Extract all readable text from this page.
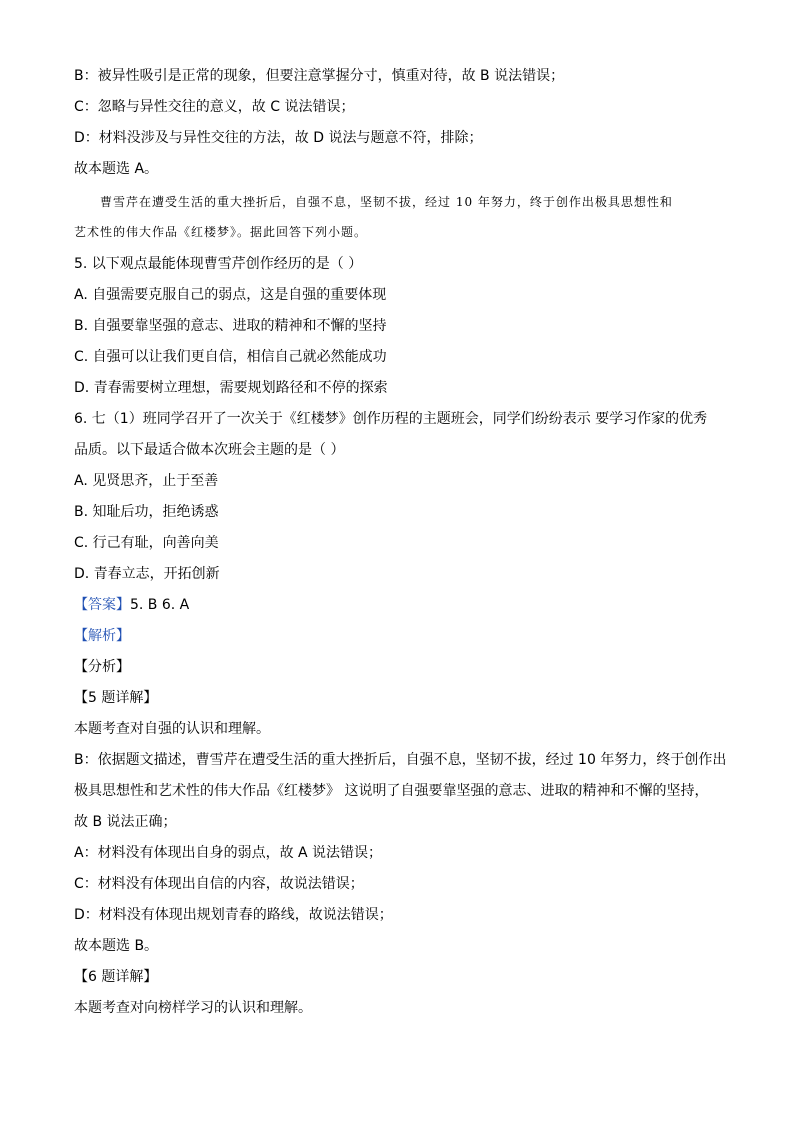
B：被异性吸引是正常的现象，但要注意掌握分寸，慎重对待，故 B 说法错误；
C：忽略与异性交往的意义，故 C 说法错误；
D：材料没涉及与异性交往的方法，故 D 说法与题意不符，排除；
故本题选 A。
曹雪芹在遭受生活的重大挫折后，自强不息，坚韧不拔，经过 10 年努力，终于创作出极具思想性和
艺术性的伟大作品《红楼梦》。据此回答下列小题。
5. 以下观点最能体现曹雪芹创作经历的是（ ）
A. 自强需要克服自己的弱点，这是自强的重要体现
B. 自强要靠坚强的意志、进取的精神和不懈的坚持
C. 自强可以让我们更自信，相信自己就必然能成功
D. 青春需要树立理想，需要规划路径和不停的探索
6. 七（1）班同学召开了一次关于《红楼梦》创作历程的主题班会，同学们纷纷表示 要学习作家的优秀
品质。以下最适合做本次班会主题的是（ ）
A. 见贤思齐，止于至善
B. 知耻后功，拒绝诱惑
C. 行己有耻，向善向美
D. 青春立志，开拓创新
【答案】5. B 6. A
【解析】
【分析】
【5 题详解】
本题考查对自强的认识和理解。
B：依据题文描述，曹雪芹在遭受生活的重大挫折后，自强不息，坚韧不拔，经过 10 年努力，终于创作出
极具思想性和艺术性的伟大作品《红楼梦》 这说明了自强要靠坚强的意志、进取的精神和不懈的坚持，
故 B 说法正确；
A：材料没有体现出自身的弱点，故 A 说法错误；
C：材料没有体现出自信的内容，故说法错误；
D：材料没有体现出规划青春的路线，故说法错误；
故本题选 B。
【6 题详解】
本题考查对向榜样学习的认识和理解。
